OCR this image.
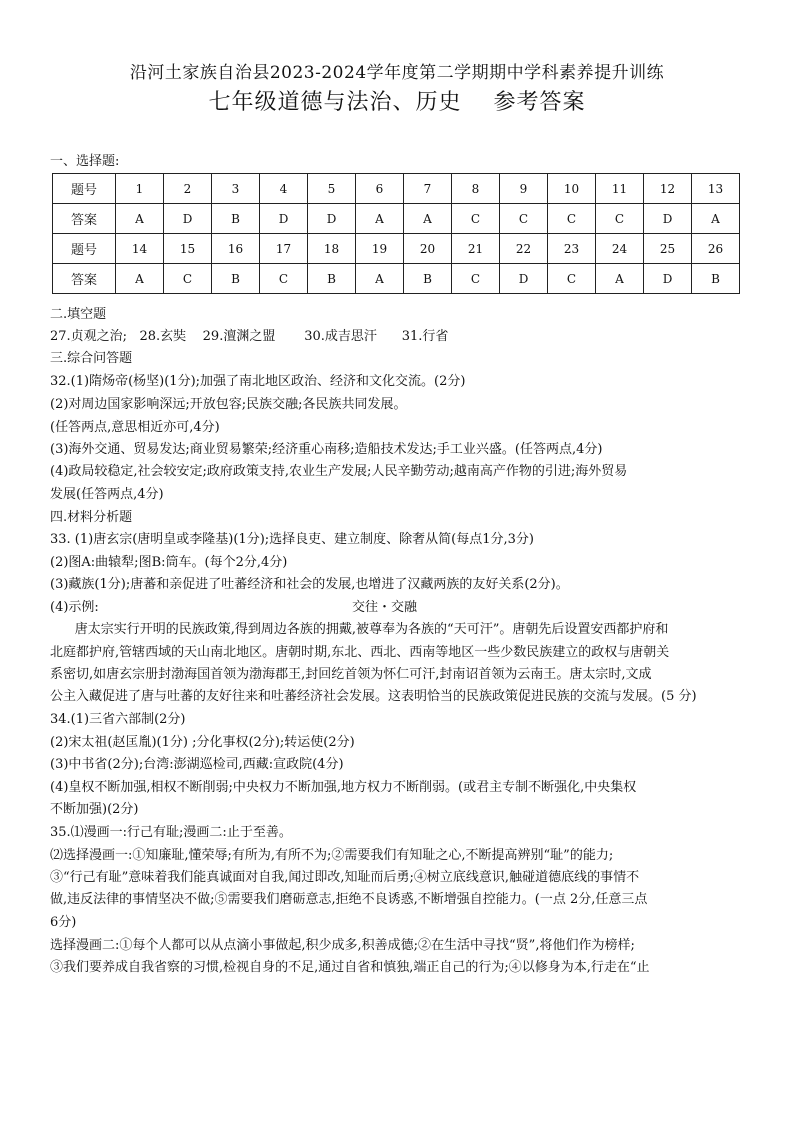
沿河土家族自治县2023-2024学年度第二学期期中学科素养提升训练
七年级道德与法治、历史    参考答案
一、选择题:
题号	1	2	3	4	5	6	7	8	9	10	11	12	13
答案	A	D	B	D	D	A	A	C	C	C	C	D	A
题号	14	15	16	17	18	19	20	21	22	23	24	25	26
答案	A	C	B	C	B	A	B	C	D	C	A	D	B
二.填空题
27.贞观之治;   28.玄奘    29.澶渊之盟       30.成吉思汗      31.行省
三.综合问答题
32.(1)隋炀帝(杨坚)(1分);加强了南北地区政治、经济和文化交流。(2分)
(2)对周边国家影响深远;开放包容;民族交融;各民族共同发展。
(任答两点,意思相近亦可,4分)
(3)海外交通、贸易发达;商业贸易繁荣;经济重心南移;造船技术发达;手工业兴盛。(任答两点,4分)
(4)政局较稳定,社会较安定;政府政策支持,农业生产发展;人民辛勤劳动;越南高产作物的引进;海外贸易
发展(任答两点,4分)
四.材料分析题
33. (1)唐玄宗(唐明皇或李隆基)(1分);选择良吏、建立制度、除奢从简(每点1分,3分)
(2)图A:曲辕犁;图B:筒车。(每个2分,4分)
(3)藏族(1分);唐蕃和亲促进了吐蕃经济和社会的发展,也增进了汉藏两族的友好关系(2分)。
(4)示例:	交往・交融
唐太宗实行开明的民族政策,得到周边各族的拥戴,被尊奉为各族的“天可汗”。唐朝先后设置安西都护府和
北庭都护府,管辖西域的天山南北地区。唐朝时期,东北、西北、西南等地区一些少数民族建立的政权与唐朝关
系密切,如唐玄宗册封渤海国首领为渤海郡王,封回纥首领为怀仁可汗,封南诏首领为云南王。唐太宗时,文成
公主入藏促进了唐与吐蕃的友好往来和吐蕃经济社会发展。这表明恰当的民族政策促进民族的交流与发展。(5 分)
34.(1)三省六部制(2分)
(2)宋太祖(赵匡胤)(1分) ;分化事权(2分);转运使(2分)
(3)中书省(2分);台湾:澎湖巡检司,西藏:宣政院(4分)
(4)皇权不断加强,相权不断削弱;中央权力不断加强,地方权力不断削弱。(或君主专制不断强化,中央集权
不断加强)(2分)
35.⑴漫画一:行己有耻;漫画二:止于至善。
⑵选择漫画一:①知廉耻,懂荣辱;有所为,有所不为;②需要我们有知耻之心,不断提高辨别“耻”的能力;
③“行己有耻”意味着我们能真诚面对自我,闻过即改,知耻而后勇;④树立底线意识,触碰道德底线的事情不
做,违反法律的事情坚决不做;⑤需要我们磨砺意志,拒绝不良诱惑,不断增强自控能力。(一点 2分,任意三点
6分)
选择漫画二:①每个人都可以从点滴小事做起,积少成多,积善成德;②在生活中寻找“贤”,将他们作为榜样;
③我们要养成自我省察的习惯,检视自身的不足,通过自省和慎独,端正自己的行为;④以修身为本,行走在“止
